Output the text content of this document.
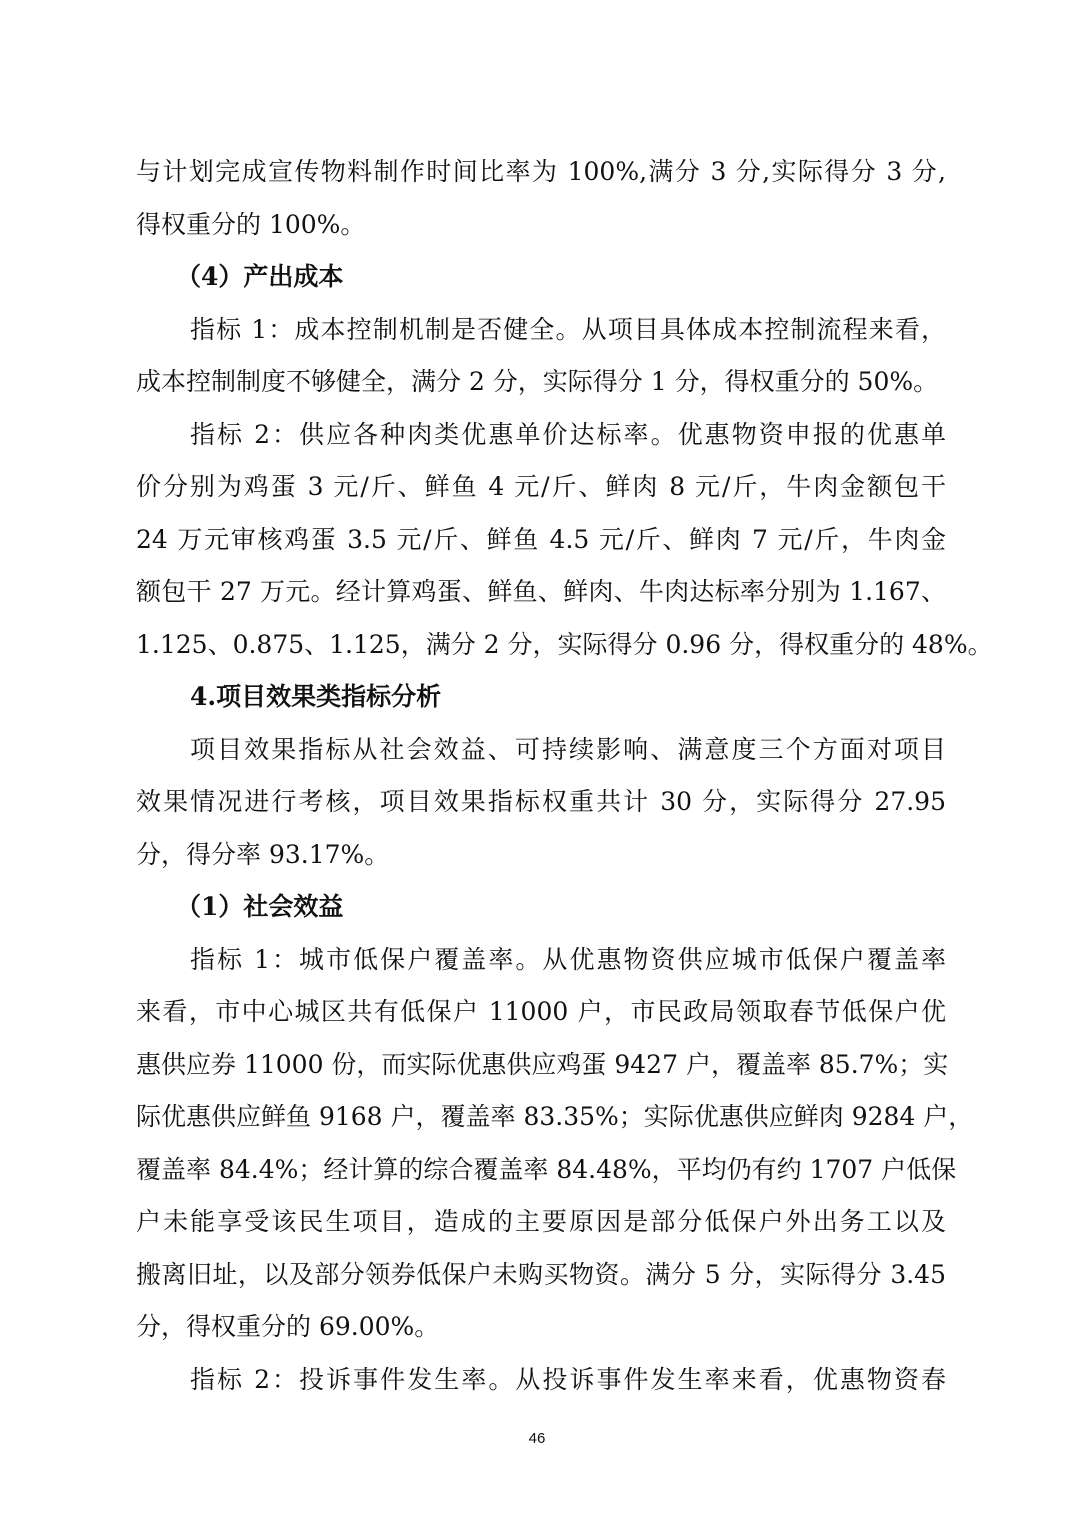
与计划完成宣传物料制作时间比率为 100%,满分 3 分,实际得分 3 分,
得权重分的 100%。
（4）产出成本
指标 1：成本控制机制是否健全。从项目具体成本控制流程来看，
成本控制制度不够健全，满分 2 分，实际得分 1 分，得权重分的 50%。
指标 2：供应各种肉类优惠单价达标率。优惠物资申报的优惠单
价分别为鸡蛋 3 元/斤、鲜鱼 4 元/斤、鲜肉 8 元/斤，牛肉金额包干
24 万元审核鸡蛋 3.5 元/斤、鲜鱼 4.5 元/斤、鲜肉 7 元/斤，牛肉金
额包干 27 万元。经计算鸡蛋、鲜鱼、鲜肉、牛肉达标率分别为 1.167、
1.125、0.875、1.125，满分 2 分，实际得分 0.96 分，得权重分的 48%。
4.项目效果类指标分析
项目效果指标从社会效益、可持续影响、满意度三个方面对项目
效果情况进行考核，项目效果指标权重共计 30 分，实际得分 27.95
分，得分率 93.17%。
（1）社会效益
指标 1：城市低保户覆盖率。从优惠物资供应城市低保户覆盖率
来看，市中心城区共有低保户 11000 户，市民政局领取春节低保户优
惠供应券 11000 份，而实际优惠供应鸡蛋 9427 户，覆盖率 85.7%；实
际优惠供应鲜鱼 9168 户，覆盖率 83.35%；实际优惠供应鲜肉 9284 户，
覆盖率 84.4%；经计算的综合覆盖率 84.48%，平均仍有约 1707 户低保
户未能享受该民生项目，造成的主要原因是部分低保户外出务工以及
搬离旧址，以及部分领券低保户未购买物资。满分 5 分，实际得分 3.45
分，得权重分的 69.00%。
指标 2：投诉事件发生率。从投诉事件发生率来看，优惠物资春
46
